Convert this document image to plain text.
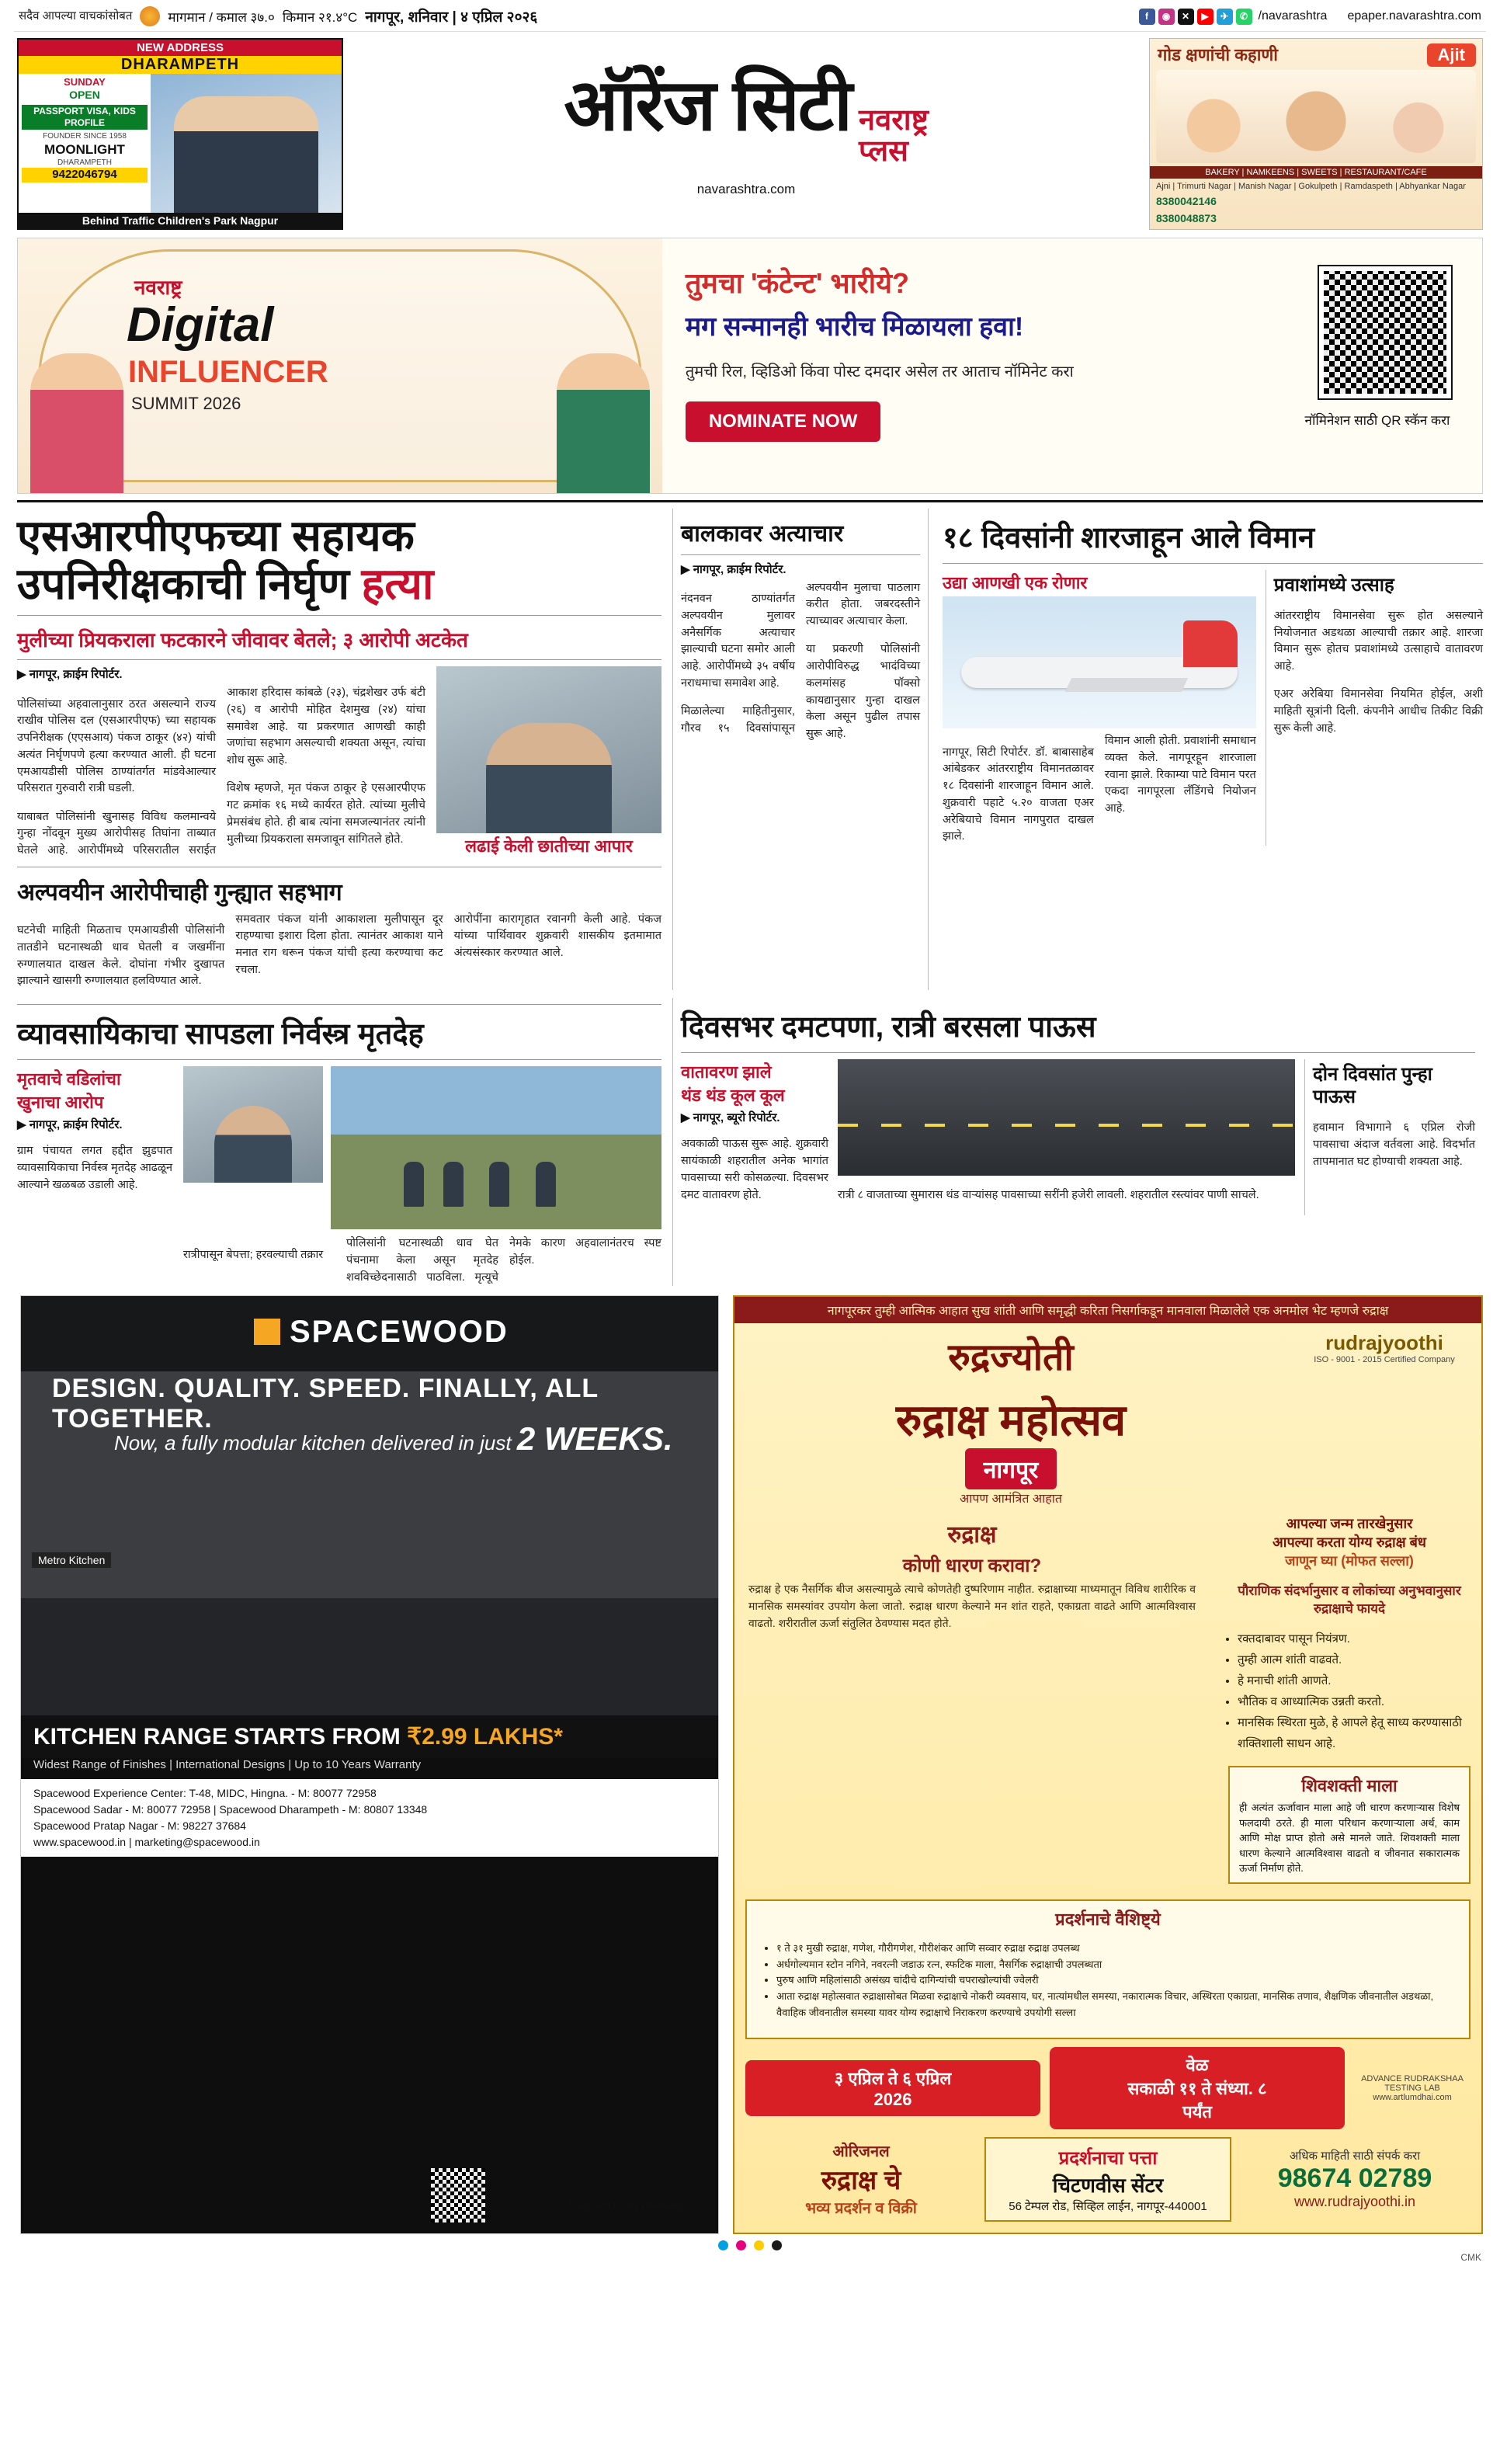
सदैव आपल्या वाचकांसोबत	मागमान / कमाल ३७.० किमान २१.४°C नागपूर, शनिवार | ४ एप्रिल २०२६	f	◉	✕	▶	✈	✆ /navarashtra epaper.navarashtra.com
NEW ADDRESS
DHARAMPETH
SUNDAY
OPEN
PASSPORT VISA, KIDS PROFILE
FOUNDER SINCE 1958
MOONLIGHT
DHARAMPETH
9422046794
Behind Traffic Children's Park Nagpur
ऑरेंज सिटी नवराष्ट्र
प्लस
navarashtra.com
Ajit
गोड क्षणांची कहाणी
BAKERY | NAMKEENS | SWEETS | RESTAURANT/CAFE
Ajni | Trimurti Nagar | Manish Nagar | Gokulpeth | Ramdaspeth | Abhyankar Nagar
8380042146
8380048873
नवराष्ट्र
Digital
INFLUENCER
SUMMIT 2026
तुमचा 'कंटेन्ट' भारीये?
मग सन्मानही भारीच मिळायला हवा!

तुमची रिल, व्हिडिओ किंवा पोस्ट दमदार असेल तर आताच नॉमिनेट करा

NOMINATE NOW	नॉमिनेशन साठी QR स्कॅन करा
एसआरपीएफच्या सहायक
उपनिरीक्षकाची निर्घृण हत्या
मुलीच्या प्रियकराला फटकारने जीवावर बेतले; ३ आरोपी अटकेत
▶ नागपूर, क्राईम रिपोर्टर.

पोलिसांच्या अहवालानुसार ठरत असल्याने राज्य राखीव पोलिस दल (एसआरपीएफ) च्या सहायक उपनिरीक्षक (एएसआय) पंकज ठाकूर (४२) यांची अत्यंत निर्घृणपणे हत्या करण्यात आली. ही घटना एमआयडीसी पोलिस ठाण्यांतर्गत मांडवेआल्यार परिसरात गुरुवारी रात्री घडली.

याबाबत पोलिसांनी खुनासह विविध कलमान्वये गुन्हा नोंदवून मुख्य आरोपीसह तिघांना ताब्यात घेतले आहे. आरोपींमध्ये परिसरातील सराईत आकाश हरिदास कांबळे (२३), चंद्रशेखर उर्फ बंटी (२६) व आरोपी मोहित देशमुख (२४) यांचा समावेश आहे. या प्रकरणात आणखी काही जणांचा सहभाग असल्याची शक्यता असून, त्यांचा शोध सुरू आहे.

विशेष म्हणजे, मृत पंकज ठाकूर हे एसआरपीएफ गट क्रमांक १६ मध्ये कार्यरत होते. त्यांच्या मुलीचे प्रेमसंबंध होते. ही बाब त्यांना समजल्यानंतर त्यांनी मुलीच्या प्रियकराला समजावून सांगितले होते.	लढाई केली छातीच्या आपार
अल्पवयीन आरोपीचाही गुन्ह्यात सहभाग

घटनेची माहिती मिळताच एमआयडीसी पोलिसांनी तातडीने घटनास्थळी धाव घेतली व जखमींना रुग्णालयात दाखल केले. दोघांना गंभीर दुखापत झाल्याने खासगी रुग्णालयात हलविण्यात आले.

समवतार पंकज यांनी आकाशला मुलीपासून दूर राहण्याचा इशारा दिला होता. त्यानंतर आकाश याने मनात राग धरून पंकज यांची हत्या करण्याचा कट रचला.

आरोपींना कारागृहात रवानगी केली आहे. पंकज यांच्या पार्थिवावर शुक्रवारी शासकीय इतमामात अंत्यसंस्कार करण्यात आले.

बालकावर अत्याचार
▶ नागपूर, क्राईम रिपोर्टर.

नंदनवन ठाण्यांतर्गत अल्पवयीन मुलावर अनैसर्गिक अत्याचार झाल्याची घटना समोर आली आहे. आरोपींमध्ये ३५ वर्षीय नराधमाचा समावेश आहे.

मिळालेल्या माहितीनुसार, गौरव १५ दिवसांपासून अल्पवयीन मुलाचा पाठलाग करीत होता. जबरदस्तीने त्याच्यावर अत्याचार केला.

या प्रकरणी पोलिसांनी आरोपीविरुद्ध भादंविच्या कलमांसह पॉक्सो कायद्यानुसार गुन्हा दाखल केला असून पुढील तपास सुरू आहे.

१८ दिवसांनी शारजाहून आले विमान
उद्या आणखी एक रोणार

नागपूर, सिटी रिपोर्टर. डॉ. बाबासाहेब आंबेडकर आंतरराष्ट्रीय विमानतळावर १८ दिवसांनी शारजाहून विमान आले. शुक्रवारी पहाटे ५.२० वाजता एअर अरेबियाचे विमान नागपुरात दाखल झाले.

विमान आली होती. प्रवाशांनी समाधान व्यक्त केले. नागपूरहून शारजाला रवाना झाले. रिकाम्या पाटे विमान परत एकदा नागपूरला लँडिंगचे नियोजन आहे.

प्रवाशांमध्ये उत्साह

आंतरराष्ट्रीय विमानसेवा सुरू होत असल्याने नियोजनात अडथळा आल्याची तक्रार आहे. शारजा विमान सुरू होतच प्रवाशांमध्ये उत्साहाचे वातावरण आहे.

एअर अरेबिया विमानसेवा नियमित होईल, अशी माहिती सूत्रांनी दिली. कंपनीने आधीच तिकीट विक्री सुरू केली आहे.

व्यावसायिकाचा सापडला निर्वस्त्र मृतदेह
मृतवाचे वडिलांचा
खुनाचा आरोप
▶ नागपूर, क्राईम रिपोर्टर.

ग्राम पंचायत लगत हद्दीत झुडपात व्यावसायिकाचा निर्वस्त्र मृतदेह आढळून आल्याने खळबळ उडाली आहे.

रात्रीपासून बेपत्ता; हरवल्याची तक्रार

पोलिसांनी घटनास्थळी धाव घेत पंचनामा केला असून मृतदेह शवविच्छेदनासाठी पाठविला. मृत्यूचे नेमके कारण अहवालानंतरच स्पष्ट होईल.

दिवसभर दमटपणा, रात्री बरसला पाऊस
वातावरण झाले
थंड थंड कूल कूल
▶ नागपूर, ब्यूरो रिपोर्टर.

अवकाळी पाऊस सुरू आहे. शुक्रवारी सायंकाळी शहरातील अनेक भागांत पावसाच्या सरी कोसळल्या. दिवसभर दमट वातावरण होते.	रात्री ८ वाजताच्या सुमारास थंड वाऱ्यांसह पावसाच्या सरींनी हजेरी लावली. शहरातील रस्त्यांवर पाणी साचले.

दोन दिवसांत पुन्हा पाऊस

हवामान विभागाने ६ एप्रिल रोजी पावसाचा अंदाज वर्तवला आहे. विदर्भात तापमानात घट होण्याची शक्यता आहे.

SPACEWOOD
DESIGN. QUALITY. SPEED. FINALLY, ALL TOGETHER.
Now, a fully modular kitchen delivered in just 2 WEEKS.
Metro Kitchen
KITCHEN RANGE STARTS FROM ₹2.99 LAKHS*
Widest Range of Finishes | International Designs | Up to 10 Years Warranty
Spacewood Experience Center: T-48, MIDC, Hingna. - M: 80077 72958
Spacewood Sadar - M: 80077 72958 | Spacewood Dharampeth - M: 80807 13348
Spacewood Pratap Nagar - M: 98227 37684
www.spacewood.in | marketing@spacewood.in
Chat with us on WhatsApp
नागपूरकर तुम्ही आत्मिक आहात सुख शांती आणि समृद्धी करिता निसर्गाकडून मानवाला मिळालेले एक अनमोल भेट म्हणजे रुद्राक्ष
रुद्रज्योती
रुद्राक्ष महोत्सव
नागपूर
आपण आमंत्रित आहात
rudrajyoothi
ISO - 9001 - 2015 Certified Company
रुद्राक्ष
कोणी धारण करावा?
रुद्राक्ष हे एक नैसर्गिक बीज असल्यामुळे त्याचे कोणतेही दुष्परिणाम नाहीत. रुद्राक्षाच्या माध्यमातून विविध शारीरिक व मानसिक समस्यांवर उपयोग केला जातो. रुद्राक्ष धारण केल्याने मन शांत राहते, एकाग्रता वाढते आणि आत्मविश्वास वाढतो. शरीरातील ऊर्जा संतुलित ठेवण्यास मदत होते.
आपल्या जन्म तारखेनुसार
आपल्या करता योग्य रुद्राक्ष बंध
जाणून घ्या (मोफत सल्ला)
पौराणिक संदर्भानुसार व लोकांच्या अनुभवानुसार रुद्राक्षाचे फायदे
• रक्तदाबावर पासून नियंत्रण.
• तुम्ही आत्म शांती वाढवते.
• हे मनाची शांती आणते.
• भौतिक व आध्यात्मिक उन्नती करतो.
• मानसिक स्थिरता मुळे, हे आपले हेतू साध्य करण्यासाठी शक्तिशाली साधन आहे.
शिवशक्ती माला
ही अत्यंत ऊर्जावान माला आहे जी धारण करणाऱ्यास विशेष फलदायी ठरते. ही माला परिधान करणाऱ्याला अर्थ, काम आणि मोक्ष प्राप्त होतो असे मानले जाते. शिवशक्ती माला धारण केल्याने आत्मविश्वास वाढतो व जीवनात सकारात्मक ऊर्जा निर्माण होते.
प्रदर्शनाचे वैशिष्ट्ये
• १ ते ३१ मुखी रुद्राक्ष, गणेश, गौरीगणेश, गौरीशंकर आणि सव्वार रुद्राक्ष रुद्राक्ष उपलब्ध
• अर्धगोल्यमान स्टोन नगिने, नवरत्नी जडाऊ रत्न, स्फटिक माला, नैसर्गिक रुद्राक्षाची उपलब्धता
• पुरुष आणि महिलांसाठी असंख्य चांदीचे दागिन्यांची चपराखोल्यांची ज्वेलरी
• आता रुद्राक्ष महोत्सवात रुद्राक्षासोबत मिळवा रुद्राक्षाचे नोकरी व्यवसाय, घर, नात्यांमधील समस्या, नकारात्मक विचार, अस्थिरता एकाग्रता, मानसिक तणाव, शैक्षणिक जीवनातील अडथळा, वैवाहिक जीवनातील समस्या यावर योग्य रुद्राक्षाचे निराकरण करण्याचे उपयोगी सल्ला
३ एप्रिल ते ६ एप्रिल
2026
वेळ
सकाळी ११ ते संध्या. ८
पर्यंत
ADVANCE RUDRAKSHAA TESTING LAB
www.artlumdhai.com
ओरिजनल
रुद्राक्ष चे
भव्य प्रदर्शन व विक्री
प्रदर्शनाचा पत्ता
चिटणवीस सेंटर
56 टेम्पल रोड, सिव्हिल लाईन, नागपूर-440001
अधिक माहिती साठी संपर्क करा
98674 02789
www.rudrajyoothi.in
CMK
